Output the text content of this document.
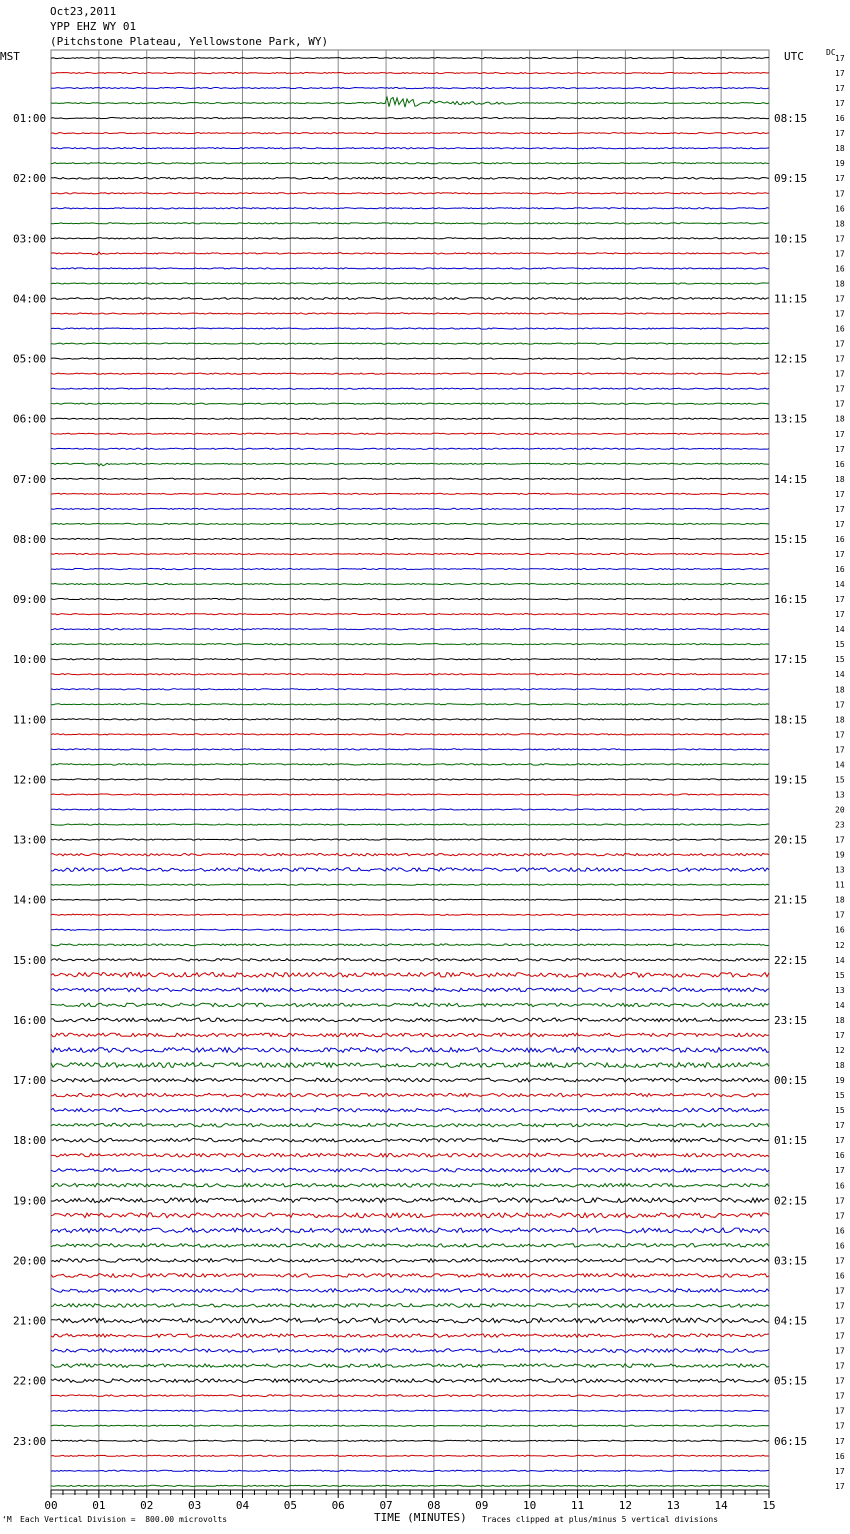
01:00
02:00
03:00
04:00
05:00
06:00
07:00
08:00
09:00
10:00
11:00
12:00
13:00
14:00
15:00
16:00
17:00
18:00
19:00
20:00
21:00
22:00
23:00
08:15
09:15
10:15
11:15
12:15
13:15
14:15
15:15
16:15
17:15
18:15
19:15
20:15
21:15
22:15
23:15
00:15
01:15
02:15
03:15
04:15
05:15
06:15
17
17
17
17
16
17
18
19
17
17
16
18
17
17
16
18
17
17
16
17
17
17
17
17
18
17
17
16
18
17
17
17
16
17
16
14
17
17
14
15
15
14
18
17
18
17
17
14
15
13
20
23
17
19
13
11
18
17
16
12
14
15
13
14
18
17
12
18
19
15
15
17
17
16
17
16
17
17
16
16
17
16
17
17
17
17
17
17
17
17
17
17
17
16
17
17
00	01	02	03	04	05	06	07	08	09	10	11	12	13	14	15
Oct23,2011
YPP EHZ WY 01
(Pitchstone Plateau, Yellowstone Park, WY)
MST	UTC	DC
‘M Each Vertical Division =  800.00 microvolts	TIME (MINUTES) Traces clipped at plus/minus 5 vertical divisions
